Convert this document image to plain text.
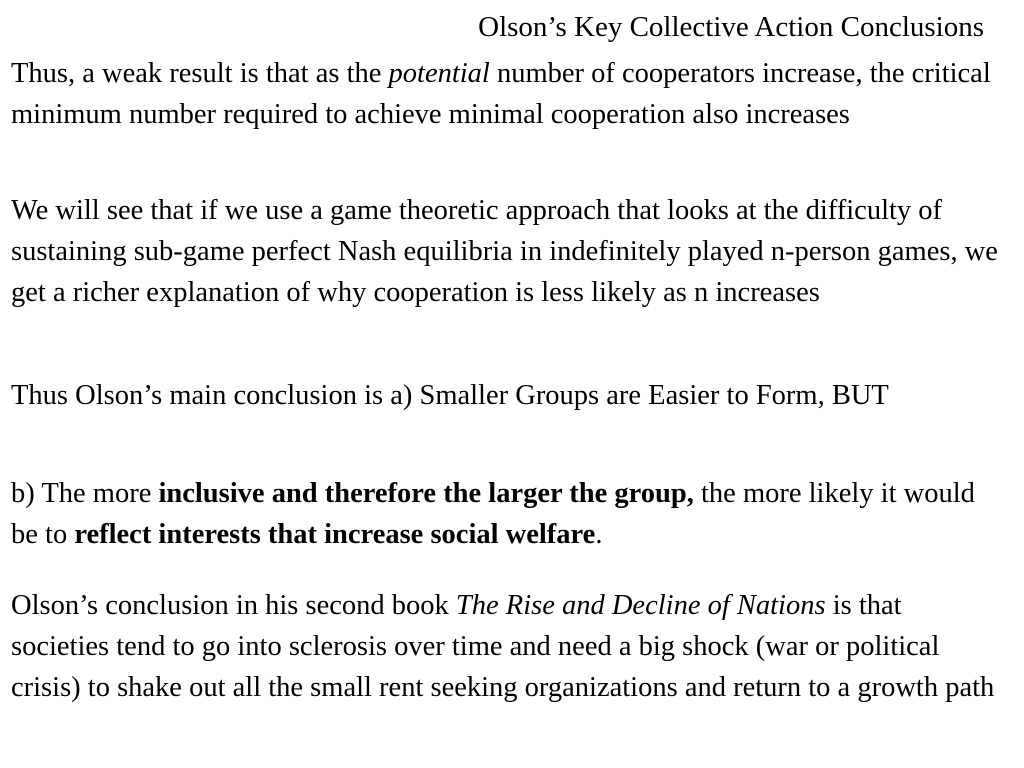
Olson’s Key Collective Action Conclusions

Thus, a weak result is that as the potential number of cooperators increase, the critical minimum number required to achieve minimal cooperation also increases

We will see that if we use a game theoretic approach that looks at the difficulty of sustaining sub-game perfect Nash equilibria in indefinitely played n-person games, we get a richer explanation of why cooperation is less likely as n increases

Thus Olson’s main conclusion is a) Smaller Groups are Easier to Form, BUT

b) The more inclusive and therefore the larger the group, the more likely it would be to reflect interests that increase social welfare.

Olson’s conclusion in his second book The Rise and Decline of Nations is that societies tend to go into sclerosis over time and need a big shock (war or political crisis) to shake out all the small rent seeking organizations and return to a growth path
